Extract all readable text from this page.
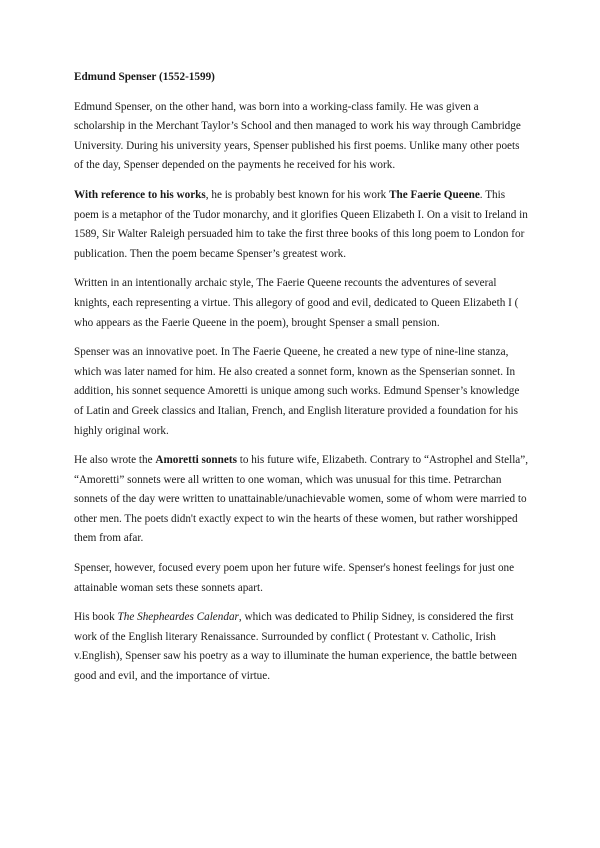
Edmund Spenser (1552-1599)

Edmund Spenser, on the other hand, was born into a working-class family. He was given a scholarship in the Merchant Taylor’s School and then managed to work his way through Cambridge University. During his university years, Spenser published his first poems. Unlike many other poets of the day, Spenser depended on the payments he received for his work.

With reference to his works, he is probably best known for his work The Faerie Queene. This poem is a metaphor of the Tudor monarchy, and it glorifies Queen Elizabeth I. On a visit to Ireland in 1589, Sir Walter Raleigh persuaded him to take the first three books of this long poem to London for publication. Then the poem became Spenser’s greatest work.

Written in an intentionally archaic style, The Faerie Queene recounts the adventures of several knights, each representing a virtue. This allegory of good and evil, dedicated to Queen Elizabeth I ( who appears as the Faerie Queene in the poem), brought Spenser a small pension.

Spenser was an innovative poet. In The Faerie Queene, he created a new type of nine-line stanza, which was later named for him. He also created a sonnet form, known as the Spenserian sonnet. In addition, his sonnet sequence Amoretti is unique among such works. Edmund Spenser’s knowledge of Latin and Greek classics and Italian, French, and English literature provided a foundation for his highly original work.

He also wrote the Amoretti sonnets to his future wife, Elizabeth. Contrary to “Astrophel and Stella”, “Amoretti” sonnets were all written to one woman, which was unusual for this time. Petrarchan sonnets of the day were written to unattainable/unachievable women, some of whom were married to other men. The poets didn't exactly expect to win the hearts of these women, but rather worshipped them from afar.

Spenser, however, focused every poem upon her future wife. Spenser's honest feelings for just one attainable woman sets these sonnets apart.

His book The Shepheardes Calendar, which was dedicated to Philip Sidney, is considered the first work of the English literary Renaissance. Surrounded by conflict ( Protestant v. Catholic, Irish v.English), Spenser saw his poetry as a way to illuminate the human experience, the battle between good and evil, and the importance of virtue.
